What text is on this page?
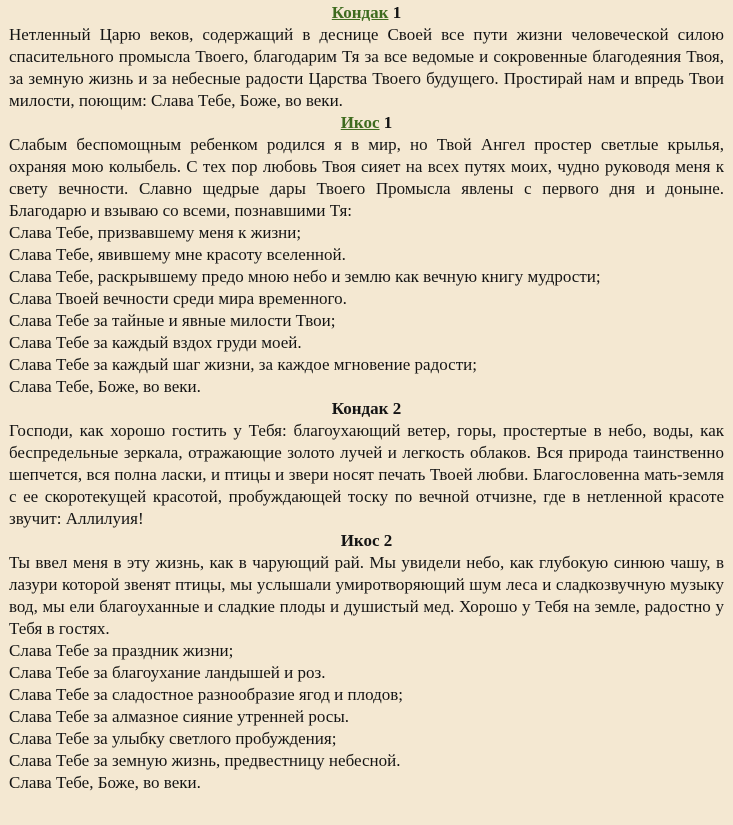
Кондак 1

Нетленный Царю веков, содержащий в деснице Своей все пути жизни человеческой силою спасительного промысла Твоего, благодарим Тя за все ведомые и сокровенные благодеяния Твоя, за земную жизнь и за небесные радости Царства Твоего будущего. Простирай нам и впредь Твои милости, поющим: Слава Тебе, Боже, во веки.

Икос 1

Слабым беспомощным ребенком родился я в мир, но Твой Ангел простер светлые крылья, охраняя мою колыбель. С тех пор любовь Твоя сияет на всех путях моих, чудно руководя меня к свету вечности. Славно щедрые дары Твоего Промысла явлены с первого дня и доныне. Благодарю и взываю со всеми, познавшими Тя:

Слава Тебе, призвавшему меня к жизни;
Слава Тебе, явившему мне красоту вселенной.
Слава Тебе, раскрывшему предо мною небо и землю как вечную книгу мудрости;
Слава Твоей вечности среди мира временного.
Слава Тебе за тайные и явные милости Твои;
Слава Тебе за каждый вздох груди моей.
Слава Тебе за каждый шаг жизни, за каждое мгновение радости;
Слава Тебе, Боже, во веки.
Кондак 2

Господи, как хорошо гостить у Тебя: благоухающий ветер, горы, простертые в небо, воды, как беспредельные зеркала, отражающие золото лучей и легкость облаков. Вся природа таинственно шепчется, вся полна ласки, и птицы и звери носят печать Твоей любви. Благословенна мать-земля с ее скоротекущей красотой, пробуждающей тоску по вечной отчизне, где в нетленной красоте звучит: Аллилуия!

Икос 2

Ты ввел меня в эту жизнь, как в чарующий рай. Мы увидели небо, как глубокую синюю чашу, в лазури которой звенят птицы, мы услышали умиротворяющий шум леса и сладкозвучную музыку вод, мы ели благоуханные и сладкие плоды и душистый мед. Хорошо у Тебя на земле, радостно у Тебя в гостях.

Слава Тебе за праздник жизни;
Слава Тебе за благоухание ландышей и роз.
Слава Тебе за сладостное разнообразие ягод и плодов;
Слава Тебе за алмазное сияние утренней росы.
Слава Тебе за улыбку светлого пробуждения;
Слава Тебе за земную жизнь, предвестницу небесной.
Слава Тебе, Боже, во веки.
